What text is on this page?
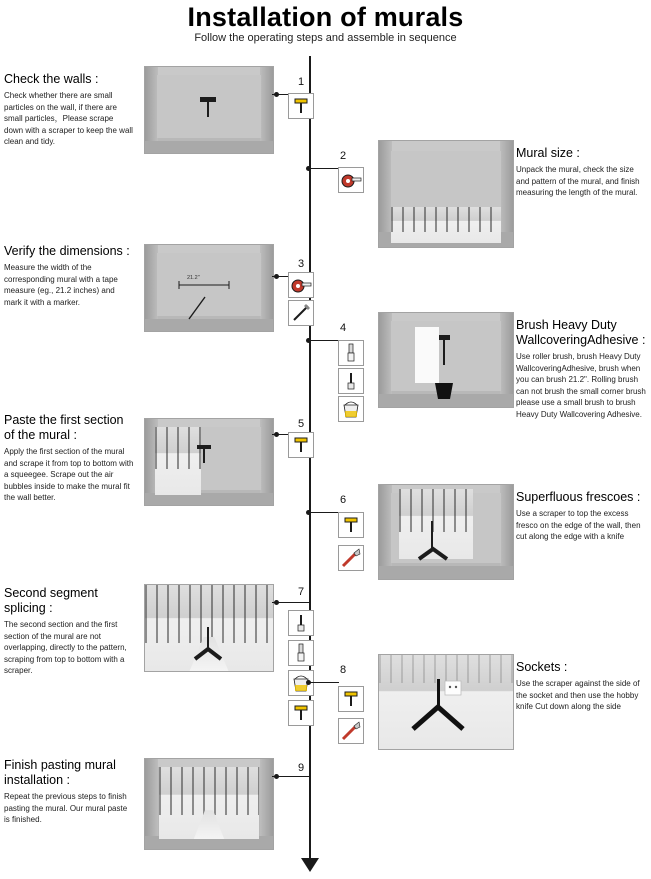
Installation of murals
Follow the operating steps and assemble in sequence
Check the walls :
Check whether there are small particles on the wall, if there are small particles，Please scrape down with a scraper to keep the wall clean and tidy.
1
2	Mural size :
Unpack the mural, check the size and pattern of the mural, and finish measuring the length of the mural.
Verify the dimensions :
Measure the width of the corresponding mural with a tape measure (eg., 21.2 inches) and mark it with a marker.
21.2"
3
4	Brush Heavy Duty WallcoveringAdhesive :
Use roller brush, brush Heavy Duty WallcoveringAdhesive, brush when you can brush 21.2". Rolling brush can not brush the small corner brush please use a small brush to brush Heavy Duty Wallcovering Adhesive.
Paste the first section of the mural :
Apply the first section of the mural and scrape it from top to bottom with a squeegee. Scrape out the air bubbles inside to make the mural fit the wall better.
5
6	Superfluous frescoes :
Use a scraper to top the excess fresco on the edge of the wall, then cut along the edge with a knife
Second segment splicing :
The second section and the first section of the mural are not overlapping, directly to the pattern, scraping from top to bottom with a scraper.
7
8	Sockets :
Use the scraper against the side of the socket and then use the hobby knife Cut down along the side
Finish pasting mural installation :
Repeat the previous steps to finish pasting the mural. Our mural paste is finished.
9
